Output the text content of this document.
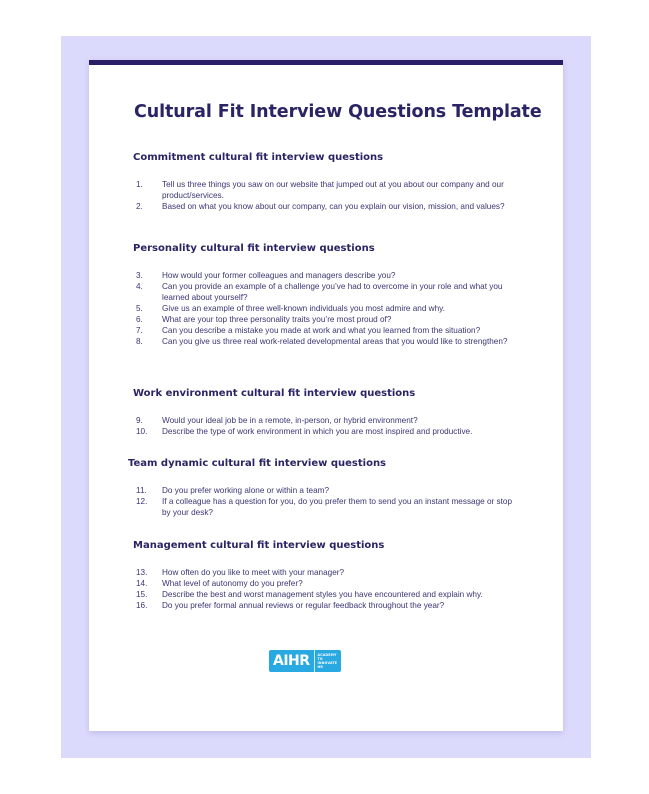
Cultural Fit Interview Questions Template
Commitment cultural fit interview questions
1.	Tell us three things you saw on our website that jumped out at you about our company and our product/services.
2.	Based on what you know about our company, can you explain our vision, mission, and values?
Personality cultural fit interview questions
3.	How would your former colleagues and managers describe you?
4.	Can you provide an example of a challenge you’ve had to overcome in your role and what you learned about yourself?
5.	Give us an example of three well-known individuals you most admire and why.
6.	What are your top three personality traits you’re most proud of?
7.	Can you describe a mistake you made at work and what you learned from the situation?
8.	Can you give us three real work-related developmental areas that you would like to strengthen?
Work environment cultural fit interview questions
9.	Would your ideal job be in a remote, in-person, or hybrid environment?
10.	Describe the type of work environment in which you are most inspired and productive.
Team dynamic cultural fit interview questions
11.	Do you prefer working alone or within a team?
12.	If a colleague has a question for you, do you prefer them to send you an instant message or stop by your desk?
Management cultural fit interview questions
13.	How often do you like to meet with your manager?
14.	What level of autonomy do you prefer?
15.	Describe the best and worst management styles you have encountered and explain why.
16.	Do you prefer formal annual reviews or regular feedback throughout the year?
AIHR	ACADEMY TO
INNOVATE HR
